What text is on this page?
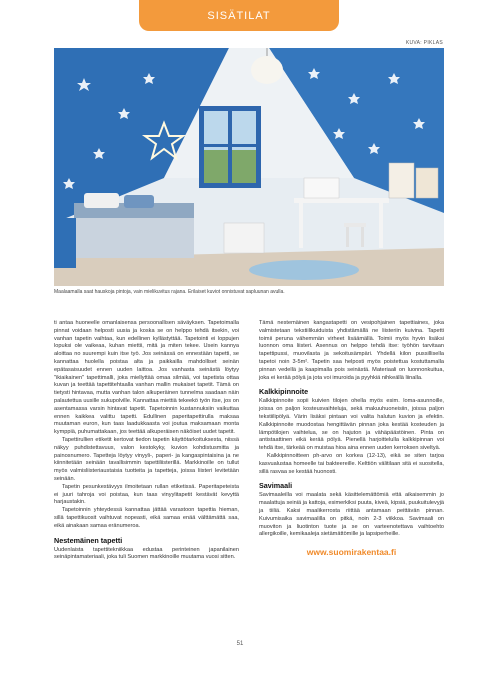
SISÄTILAT
KUVA: PIKLAS
Maalaamalla saat hauskoja pintoja, vain mielikuvitus rajana. Erilaiset kuviot onnistuvat sapluunan avulla.

ti antaa huoneelle omanlaisensa persoonallisen säväyksen. Tapetoimalla pinnat voidaan helposti uusia ja koska se on helppo tehdä itsekin, voi vanhan tapetin vaihtaa, kun edellinen kyllästyttää. Tapetointi ei loppujen lopuksi ole vaikeaa, kuhan miettii, mitä ja miten tekee. Usein kannya aloittaa no suurempi kuin itse työ. Jos seinässä on ennestään tapetti, se kannattaa huolella poistaa alta ja paikkailla mahdolliset seinän epätasaisuudet ennen uuden laittoa. Jos vanhasta seinästä löytyy "ikiaikainen" tapettimalli, joka miellyttää omaa silmää, voi tapetista ottaa kuvan ja teettää tapettitehtaalla vanhan mallin mukaiset tapetit. Tämä on tietysti hintavaa, mutta vanhan talon alkuperäinen tunnelma saadaan näin palautettua uusille sukupolville. Kannattaa miettiä tekeekö työn itse, jos on asentamassa varsin hintavat tapetit. Tapetoinnin kustannuksiin vaikuttaa ennen kaikkea valittu tapetti. Edullinen paperitapettirulla maksaa muutaman euron, kun taas laadukkaasta voi joutua maksamaan monta kymppiä, puhumattakaan, jos teettää alkuperäisen näköiset uudet tapetit.

Tapettirullien etiketit kertovat tiedon tapetin käyttötarkoituksesta, niissä näkyy puhdistettavuus, valon kestokyky, kuvion kohdistusmitta ja painosnumero. Tapetteja löytyy vinyyli-, paperi- ja kangaspintaisina ja ne kiinnitetään seinään tavallisimmin tapettiliisterillä. Markkinoille on tullut myös valmisliisteriaustaisia tuotteita ja tapetteja, joissa liisteri levitetään seinään.

Tapetin pesunkestävyys ilmoitetaan rullan etiketissä. Paperitapeteista ei juuri tahroja voi poistaa, kun taas vinyylitapetit kestävät kevyttä harjaustakin.

Tapetoinnin yhteydessä kannattaa jättää varastoon tapettia hieman, sillä tapettikuosit vaihtuvat nopeasti, eikä samaa enää välttämättä saa, eikä ainakaan samaa eränumeroa.

Nestemäinen tapetti

Uudenlaista tapettitekniikkaa edustaa perinteinen japanilainen seinäpintamateriaali, joka tuli Suomen markkinoille muutama vuosi sitten.

Tämä nestemäinen kangastapetti on vesipohjainen tapettiaines, joka valmistetaan tekstiilikuiduista yhdistämällä ne liisteriin kuivina. Tapetti toimii peruna vähemmän virheet lisäämällä. Toimii myös hyvin lisäksi luonnon oma liisteri. Asennus on helppo tehdä itse: työhön tarvitaan tapettipussi, muovilasta ja sekoitusämpäri. Yhdellä kilon pussillisella tapetoi noin 3-5m². Tapetin saa helposti myös poistettua kostuttamalla pinnan vedellä ja kaapimalla pois seinästä. Materiaali on luonnonkuitua, joka ei kerää pölyä ja jota voi imuroida ja pyyhkiä nihkeällä liinalla.

Kalkkipinnoite

Kalkkipinnoite sopii kuivien tilojen ohella myös esim. loma-asunnoille, joissa on paljon kosteusvaihteluja, sekä makuuhuoneisiin, joissa paljon tekstiilipölyä. Värin lisäksi pintaan voi valita halutun kuvion ja efektin. Kalkkipinnoite muodostaa hengittävän pinnan joka kestää kosteuden ja lämpötilojen vaihtelua, se on hajuton ja vähäpäästöinen. Pinta on antistaattinen eikä kerää pölyä. Pienellä harjoittelulla kalkkipinnan voi tehdä itse, tärkeää on muistaa hioa aina ennen uuden kerroksen siveltyä.

Kalkkipinnoitteen ph-arvo on korkea (12-13), eikä se siten tarjoa kasvualustaa homeelle tai bakteereille. Kelttiön välitilaan sitä ei suositella, sillä rasvaa se kestää huonosti.

Savimaali

Savimaaleilla voi maalata sekä käsittelemättömiä että aikaisemmin jo maalattuja seiniä ja kattoja, esimerkiksi puuta, kiveä, kipsiä, puukuitulevyjä ja tiiliä. Kaksi maalikerrosta riittää antamaan peittävän pinnan. Kuivumisaika savimaalilla on pitkä, noin 2-3 viikkoa. Savimaali on muoviton ja liuotinton tuote ja se on varteenotettava vaihtoehto allergikoille, kemikaaleja sietämättömille ja lapsiperheille.

www.suomirakentaa.fi
51
